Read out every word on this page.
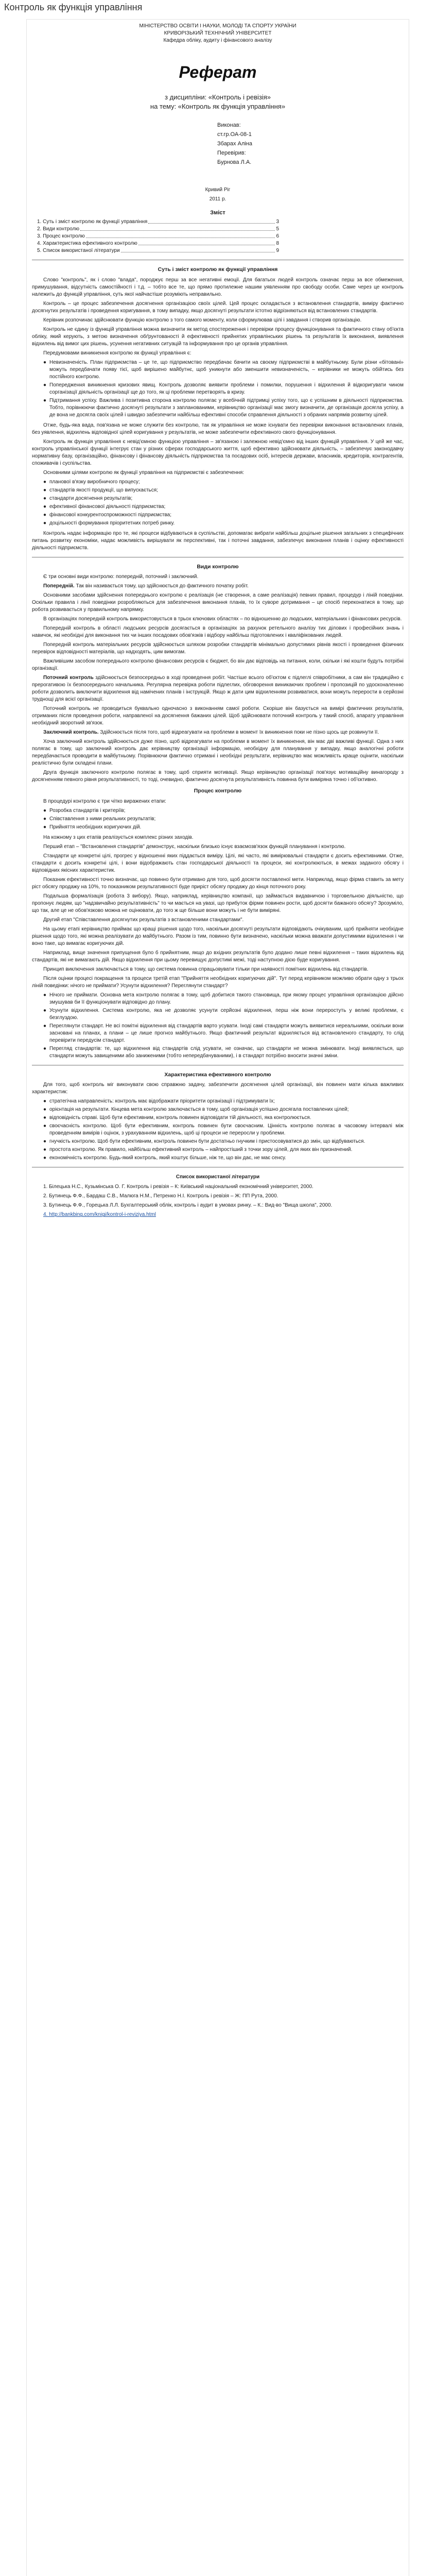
Контроль як функція управління
МІНІСТЕРСТВО ОСВІТИ І НАУКИ, МОЛОДІ ТА СПОРТУ УКРАЇНИ
КРИВОРІЗЬКИЙ ТЕХНІЧНИЙ УНІВЕРСИТЕТ
Кафедра обліку, аудиту і фінансового аналізу
Реферат
з дисципліни: «Контроль і ревізія»
на тему: «Контроль як функція управління»
Виконав:
ст.гр.ОА-08-1
Збарах Аліна
Перевірив:
Бурнова Л.А.
Кривий Ріг
2011 р.
Зміст
1. Суть і зміст контролю як функції управління	3
2. Види контролю	5
3. Процес контролю	6
4. Характеристика ефективного контролю	8
5. Список використаної літератури	9
Суть і зміст контролю як функції управління

Слово "контроль", як і слово "влада", породжує перш за все негативні емоції. Для багатьох людей контроль означає перш за все обмеження, примушування, відсутність самостійності і т.д. – тобто все те, що прямо протилежне нашим уявленням про свободу особи. Саме через це контроль належить до функцій управління, суть якої найчастіше розуміють неправильно.

Контроль – це процес забезпечення досягнення організацією своїх цілей. Цей процес складається з встановлення стандартів, виміру фактично досягнутих результатів і проведення коригування, в тому випадку, якщо досягнуті результати істотно відрізняються від встановлених стандартів.

Керівник розпочинає здійснювати функцію контролю з того самого моменту, коли сформулював цілі і завдання і створив організацію.

Контроль не єдину із функцій управління можна визначити як метод спостереження і перевірки процесу функціонування та фактичного стану об'єкта обліку, який керують, з метою визначення обґрунтованості й ефективності прийнятих управлінських рішень та результатів їх виконання, виявлення відхилень від вимог цих рішень, усунення негативних ситуацій та інформування про це органів управління.

Передумовами виникнення контролю як функції управління є:

● Невизначеність. План підприємства – це те, що підприємство передбачає бачити на своєму підприємстві в майбутньому. Були різни «бітовані» можуть передбачати появу тієї, щоб вирішено майбутнє, щоб уникнути або зменшити невизначеність, – керівники не можуть обійтись без постійного контролю.
● Попередження виникнення кризових явищ. Контроль дозволяє виявити проблеми і помилки, порушення і відхилення й відкоригувати чином сорганізації діяльність організації ще до того, як ці проблеми перетворять в кризу.
● Підтримання успіху. Важлива і позитивна сторона контролю полягає у всебічній підтримці успіху того, що є успішним в діяльності підприємства. Тобто, порівнюючи фактично досягнуті результати з запланованими, керівництво організації має змогу визначити, де організація досягла успіху, а де вона не досягла своїх цілей і швидко забезпечити найбільш ефективні способи справлення діяльності з обраних напрямів розвитку цілей.

Отже, будь-яка вада, пов'язана не може служити без контролю, так як управління не може існувати без перевірки виконання встановлених планів, без уявлення, відхилень відповідної цілей коригування у результатів, не може забезпечити ефективного свого функціонування.

Контроль як функція управління є невід'ємною функцією управління – зв'язаною і залежною невід'ємно від інших функцій управління. У цей же час, контроль управлінської функції інтегрує стан у різних сферах господарського життя, щоб ефективно здійснювати діяльність, – забезпечує законодавчу нормативну базу, організаційно, фінансову і фінансову діяльність підприємства та посадових осіб, інтересів держави, власників, кредиторів, контрагентів, споживачів і суспільства.

Основними цілями контролю як функції управління на підприємстві є забезпечення:

● планової в'язку виробничого процесу;
● стандартів якості продукції, що випускається;
● стандарти досягнення результатів;
● ефективної фінансової діяльності підприємства;
● фінансової конкурентоспроможності підприємства;
● доцільності формування пріоритетних потреб ринку.

Контроль надає інформацію про те, які процеси відбуваються в суспільстві, допомагає вибрати найбільш доцільне рішення загальних з специфічних питань розвитку економіки, надає можливість вирішувати як перспективні, так і поточні завдання, забезпечує виконання планів і оцінку ефективності діяльності підприємств.

Види контролю

Є три основні види контролю: попередній, поточний і заключний.

Попередній. Так він називається тому, що здійснюється до фактичного початку робіт.

Основними засобами здійснення попереднього контролю є реалізація (не створення, а саме реалізація) певних правил, процедур і ліній поведінки. Оскільки правила і лінії поведінки розробляються для забезпечення виконання планів, то їх суворе дотримання – це спосіб переконатися в тому, що робота розвивається у правильному напрямку.

В організаціях попередній контроль використовується в трьох ключових областях – по відношенню до людських, матеріальних і фінансових ресурсів.

Попередній контроль в області людських ресурсів досягається в організаціях за рахунок ретельного аналізу тих ділових і професійних знань і навичок, які необхідні для виконання тих чи інших посадових обов'язків і відбору найбільш підготовлених і кваліфікованих людей.

Попередній контроль матеріальних ресурсів здійснюється шляхом розробки стандартів мінімально допустимих рівнів якості і проведення фізичних перевірок відповідності матеріалів, що надходять, цим вимогам.

Важливішим засобом попереднього контролю фінансових ресурсів є бюджет, бо він дає відповідь на питання, коли, скільки і які кошти будуть потрібні організації.

Поточний контроль здійснюється безпосередньо в ході проведення робіт. Частіше всього об'єктом є підлеглі співробітники, а сам він традиційно є прерогативою їх безпосереднього начальника. Регулярна перевірка роботи підлеглих, обговорення виникаючих проблем і пропозицій по удосконаленню роботи дозволить виключити відхилення від намічених планів і інструкцій. Якщо ж дати цим відхиленням розвиватися, вони можуть перерости в серйозні труднощі для всієї організації.

Поточний контроль не проводиться буквально одночасно з виконанням самої роботи. Скоріше він базується на вимірі фактичних результатів, отриманих після проведення роботи, направленої на досягнення бажаних цілей. Щоб здійснювати поточний контроль у такий спосіб, апарату управління необхідний зворотний зв'язок.

Заключний контроль. Здійснюється після того, щоб відреагувати на проблеми в момент їх виникнення поки не пізно щось ще розвинути її.

Хоча заключний контроль здійснюється дуже пізно, щоб відреагувати на проблеми в момент їх виникнення, він має дві важливі функції. Одна з них полягає в тому, що заключний контроль дає керівництву організації інформацію, необхідну для планування у випадку, якщо аналогічні роботи передбачається проводити в майбутньому. Порівнюючи фактично отримані і необхідні результати, керівництво має можливість краще оцінити, наскільки реалістично були складені плани.

Друга функція заключного контролю полягає в тому, щоб сприяти мотивації. Якщо керівництво організації пов'язує мотиваційну винагороду з досягненням певного рівня результативності, то тоді, очевидно, фактично досягнута результативність повинна бути виміряна точно і об'єктивно.

Процес контролю

В процедурі контролю є три чітко виражених етапи:

● Розробка стандартів і критеріїв;
● Співставлення з ними реальних результатів;
● Прийняття необхідних коригуючих дій.

На кожному з цих етапів реалізується комплекс різних заходів.

Перший етап – "Встановлення стандартів" демонструє, наскільки близько існує взаємозв'язок функцій планування і контролю.

Стандарти це конкретні цілі, прогрес у відношенні яких піддається виміру. Цілі, які часто, які вимірювальні стандарти є досить ефективними. Отже, стандарти є досить конкретні цілі, і вони відображають стан господарської діяльності та процеси, які контролюються, в межах заданого обсягу і відповідних якісних характеристик.

Показник ефективності точно визначає, що повинно бути отримано для того, щоб досягти поставленої мети. Наприклад, якщо фірма ставить за мету ріст обсягу продажу на 10%, то показником результативності буде приріст обсягу продажу до кінця поточного року.

Подальша формалізація (робота 3 вибору). Якщо, наприклад, керівництво компанії, що займається видавничою і торговельною діяльністю, що пропонує людям, що "надзвичайно результативність" то чи мається на увазі, що прибуток фірми повинен рости, щоб досягти бажаного обсягу? Зрозуміло, що так, але це не обов'язково можна не оцінювати, до того ж ще більше вони можуть і не бути виміряні.

Другий етап "Співставлення досягнутих результатів з встановленими стандартами".

На цьому етапі керівництво приймає що кращі рішення щодо того, наскільки досягнуті результати відповідають очікуваним, щоб прийняти необхідне рішення щодо того, які можна реалізувати до майбутнього. Разом із тим, повинно бути визначено, наскільки можна вважати допустимими відхилення і чи воно таке, що вимагає коригуючих дій.

Наприклад, вище значення припущення було б прийнятним, якщо до вхідних результатів було додано лише певні відхилення – таких відхилень від стандартів, які не вимагають дій. Якщо відхилення при цьому перевищує допустимі межі, тоді наступною дією буде коригування.

Принцип виключення заключається в тому, що система повинна спрацьовувати тільки при наявності помітних відхилень від стандартів.

Після оцінки процесі покращення та процеси третій етап "Прийняття необхідних коригуючих дій". Тут перед керівником можливо обрати одну з трьох ліній поведінки: нічого не приймати? Усунути відхилення? Переглянути стандарт?

● Нічого не приймати. Основна мета контролю полягає в тому, щоб добитися такого становища, при якому процес управління організацією дійсно змушував би її функціонувати відповідно до плану.
● Усунути відхилення. Система контролю, яка не дозволяє усунути серйозні відхилення, перш ніж вони переростуть у великі проблеми, є безглуздою.
● Переглянути стандарт. Не всі помітні відхилення від стандартів варто усувати. Іноді самі стандарти можуть виявитися нереальними, оскільки вони засновані на планах, а плани – це лише прогноз майбутнього. Якщо фактичний результат відхиляється від встановленого стандарту, то слід перевірити передусім стандарт.
● Перегляд стандартів: те, що відхилення від стандартів слід усувати, не означає, що стандарти не можна змінювати. Іноді виявляється, що стандарти можуть завищеними або заниженими (тобто непередбачуваними), і в стандарт потрібно вносити значні зміни.
Характеристика ефективного контролю

Для того, щоб контроль міг виконувати свою справжню задачу, забезпечити досягнення цілей організації, він повинен мати кілька важливих характеристик:

● стратегічна направленість: контроль має відображати пріоритети організації і підтримувати їх;
● орієнтація на результати. Кінцева мета контролю заключається в тому, щоб організація успішно досягала поставлених цілей;
● відповідність справі. Щоб бути ефективним, контроль повинен відповідати тій діяльності, яка контролюється.
● своєчасність контролю. Щоб бути ефективним, контроль повинен бути своєчасним. Цінність контролю полягає в часовому інтервалі між проведенням вимірів і оцінок, з урахуванням відхилень, щоб ці процеси не переросли у проблеми.
● гнучкість контролю. Щоб бути ефективним, контроль повинен бути достатньо гнучким і пристосовуватися до змін, що відбуваються.
● простота контролю. Як правило, найбільш ефективний контроль – найпростіший з точки зору цілей, для яких він призначений.
● економічність контролю. Будь-який контроль, який коштує більше, ніж те, що він дає, не має сенсу.
Список використаної літератури

1. Білецька Н.С., Кузьмінська О. Г. Контроль і ревізія – К: Київський національний економічний університет, 2000.

2. Бутинець Ф.Ф., Бардаш С.В., Малюга Н.М., Петренко Н.І. Контроль і ревізія – Ж: ПП Рута, 2000.

3. Бутинець Ф.Ф., Горецька Л.Л. Бухгалтерський облік, контроль і аудит в умовах ринку. – К.: Вид-во "Вища школа", 2000.

4. http://bankbing.com/knigi/kontrol-i-reviziya.html
